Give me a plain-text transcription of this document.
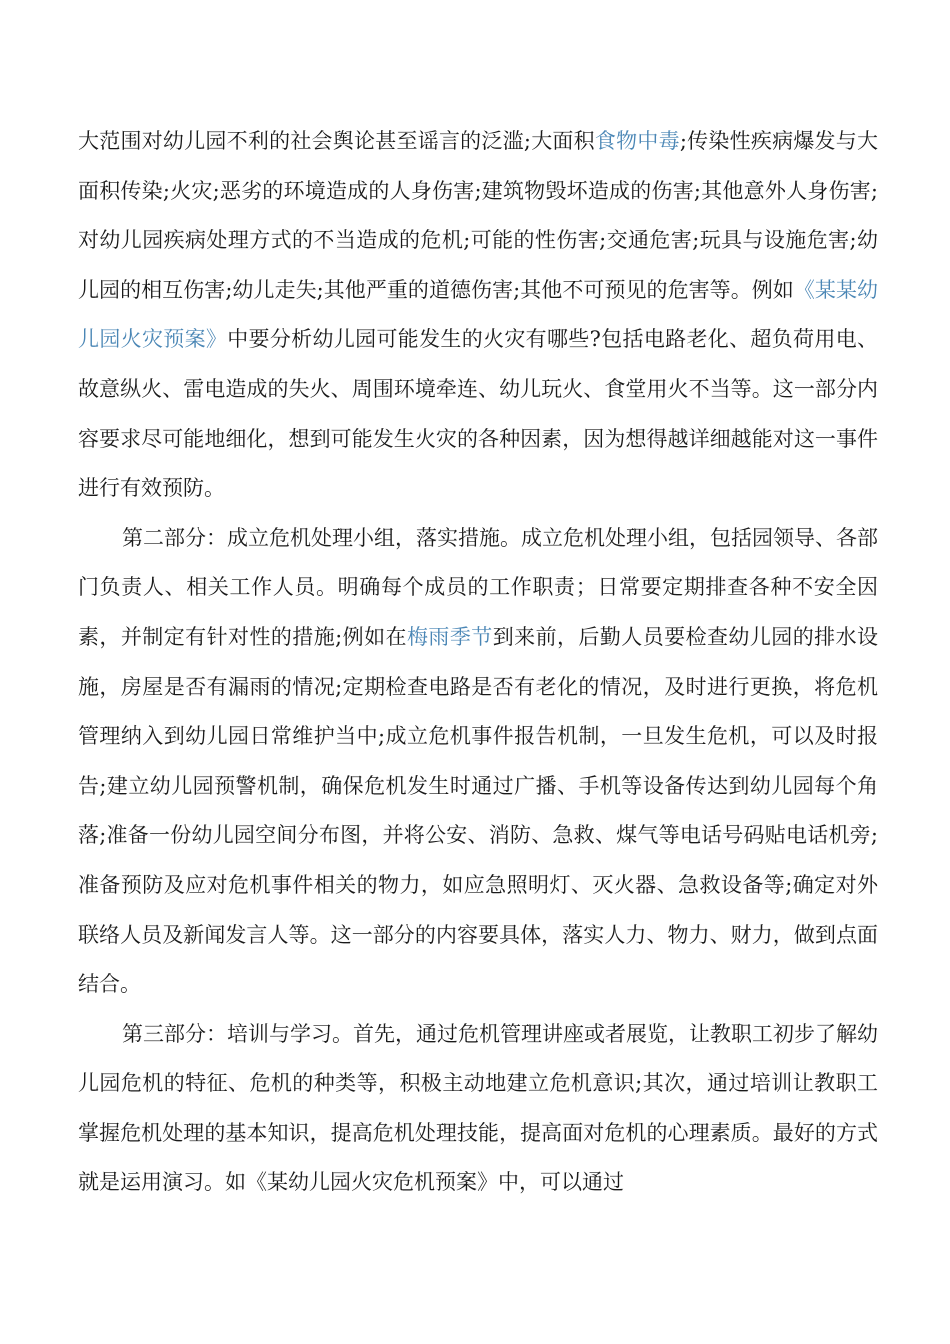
大范围对幼儿园不利的社会舆论甚至谣言的泛滥;大面积食物中毒;传染性疾病爆发与大面积传染;火灾;恶劣的环境造成的人身伤害;建筑物毁坏造成的伤害;其他意外人身伤害;对幼儿园疾病处理方式的不当造成的危机;可能的性伤害;交通危害;玩具与设施危害;幼儿园的相互伤害;幼儿走失;其他严重的道德伤害;其他不可预见的危害等。例如《某某幼儿园火灾预案》中要分析幼儿园可能发生的火灾有哪些?包括电路老化、超负荷用电、故意纵火、雷电造成的失火、周围环境牵连、幼儿玩火、食堂用火不当等。这一部分内容要求尽可能地细化，想到可能发生火灾的各种因素，因为想得越详细越能对这一事件进行有效预防。

第二部分：成立危机处理小组，落实措施。成立危机处理小组，包括园领导、各部门负责人、相关工作人员。明确每个成员的工作职责；日常要定期排查各种不安全因素，并制定有针对性的措施;例如在梅雨季节到来前，后勤人员要检查幼儿园的排水设施，房屋是否有漏雨的情况;定期检查电路是否有老化的情况，及时进行更换，将危机管理纳入到幼儿园日常维护当中;成立危机事件报告机制，一旦发生危机，可以及时报告;建立幼儿园预警机制，确保危机发生时通过广播、手机等设备传达到幼儿园每个角落;准备一份幼儿园空间分布图，并将公安、消防、急救、煤气等电话号码贴电话机旁;准备预防及应对危机事件相关的物力，如应急照明灯、灭火器、急救设备等;确定对外联络人员及新闻发言人等。这一部分的内容要具体，落实人力、物力、财力，做到点面结合。

第三部分：培训与学习。首先，通过危机管理讲座或者展览，让教职工初步了解幼儿园危机的特征、危机的种类等，积极主动地建立危机意识;其次，通过培训让教职工掌握危机处理的基本知识，提高危机处理技能，提高面对危机的心理素质。最好的方式就是运用演习。如《某幼儿园火灾危机预案》中，可以通过
